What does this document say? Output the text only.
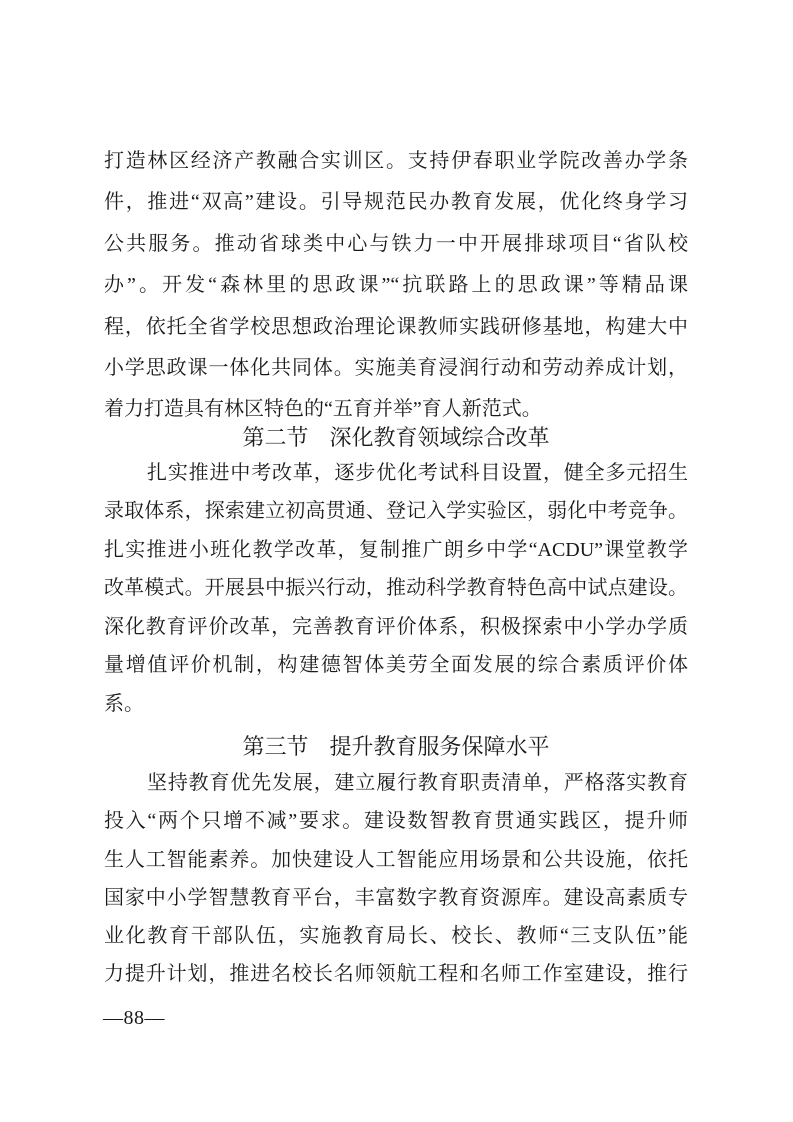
打造林区经济产教融合实训区。支持伊春职业学院改善办学条
件，推进“双高”建设。引导规范民办教育发展，优化终身学习
公共服务。推动省球类中心与铁力一中开展排球项目“省队校
办”。开发“森林里的思政课”“抗联路上的思政课”等精品课
程，依托全省学校思想政治理论课教师实践研修基地，构建大中
小学思政课一体化共同体。实施美育浸润行动和劳动养成计划，
着力打造具有林区特色的“五育并举”育人新范式。
第二节 深化教育领域综合改革
扎实推进中考改革，逐步优化考试科目设置，健全多元招生
录取体系，探索建立初高贯通、登记入学实验区，弱化中考竞争。
扎实推进小班化教学改革，复制推广朗乡中学“ACDU”课堂教学
改革模式。开展县中振兴行动，推动科学教育特色高中试点建设。
深化教育评价改革，完善教育评价体系，积极探索中小学办学质
量增值评价机制，构建德智体美劳全面发展的综合素质评价体
系。
第三节 提升教育服务保障水平
坚持教育优先发展，建立履行教育职责清单，严格落实教育
投入“两个只增不减”要求。建设数智教育贯通实践区，提升师
生人工智能素养。加快建设人工智能应用场景和公共设施，依托
国家中小学智慧教育平台，丰富数字教育资源库。建设高素质专
业化教育干部队伍，实施教育局长、校长、教师“三支队伍”能
力提升计划，推进名校长名师领航工程和名师工作室建设，推行
—88—
